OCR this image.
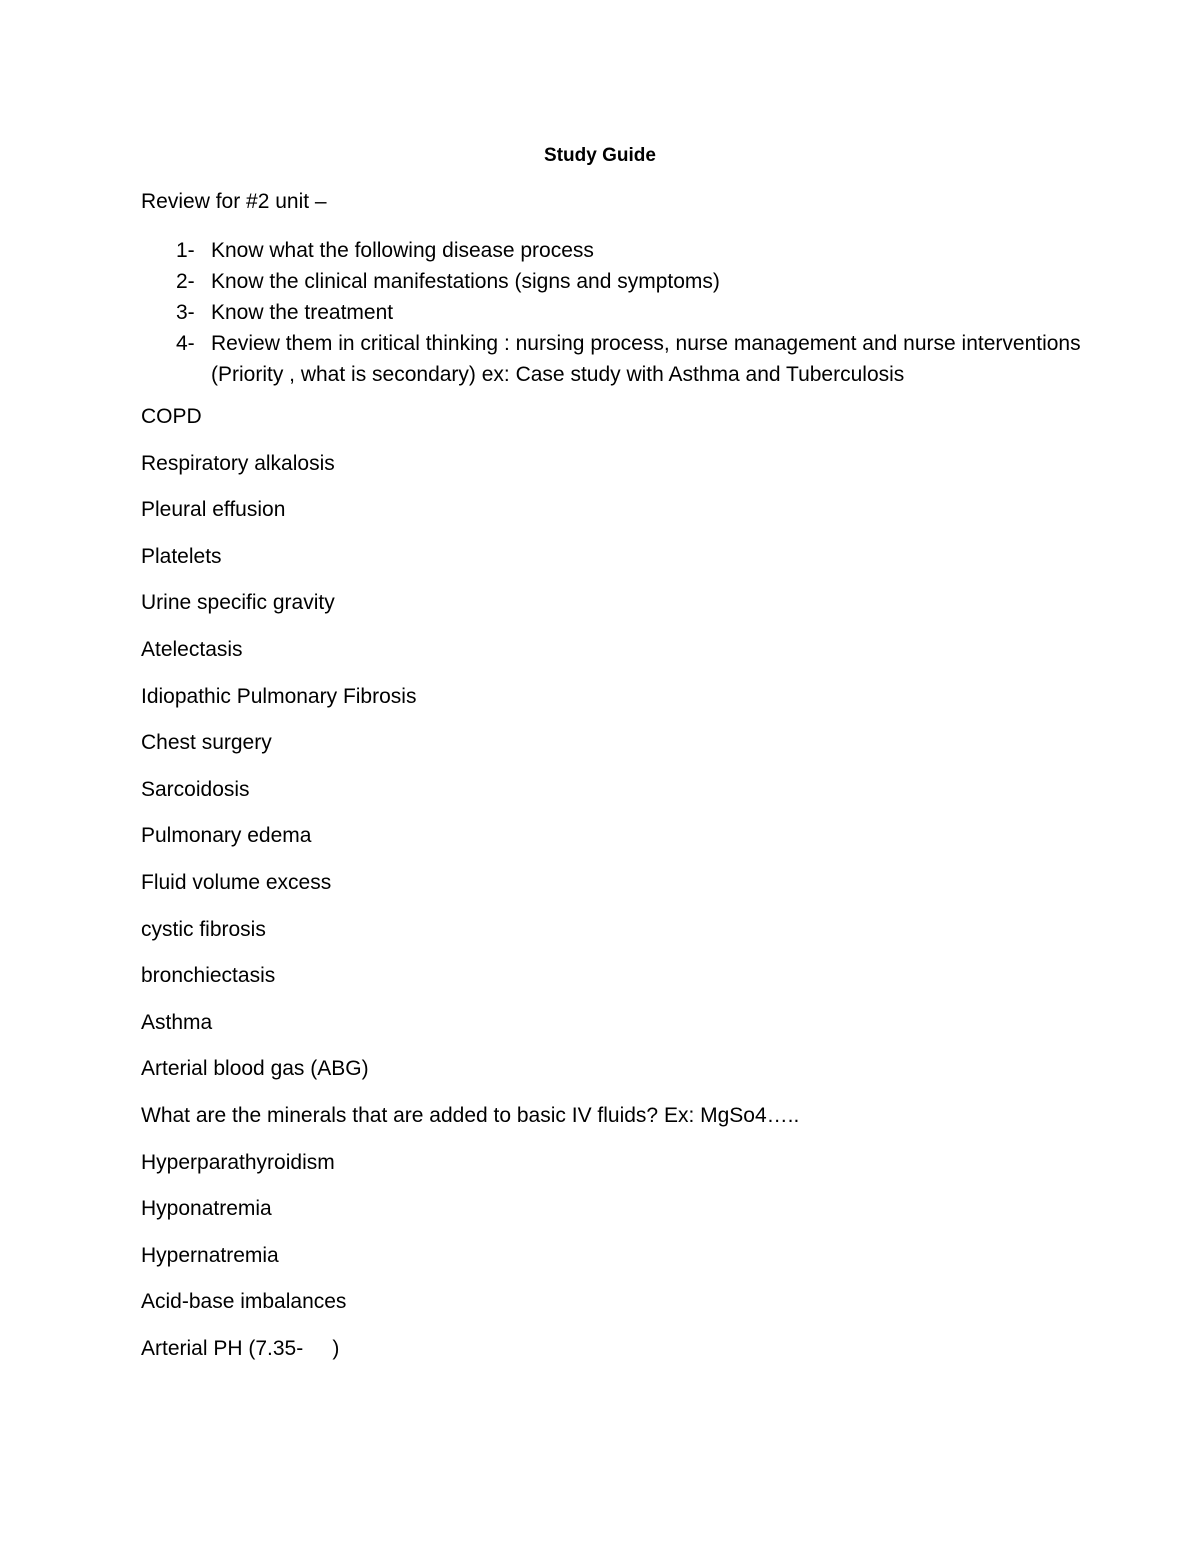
Study Guide
Review for #2 unit –
1- Know what the following disease process
2- Know the clinical manifestations (signs and symptoms)
3- Know the treatment
4- Review them in critical thinking : nursing process, nurse management and nurse interventions (Priority , what is secondary) ex: Case study with Asthma and Tuberculosis
COPD
Respiratory alkalosis
Pleural effusion
Platelets
Urine specific gravity
Atelectasis
Idiopathic Pulmonary Fibrosis
Chest surgery
Sarcoidosis
Pulmonary edema
Fluid volume excess
cystic fibrosis
bronchiectasis
Asthma
Arterial blood gas (ABG)
What are the minerals that are added to basic IV fluids? Ex: MgSo4…..
Hyperparathyroidism
Hyponatremia
Hypernatremia
Acid-base imbalances
Arterial PH (7.35-     )
